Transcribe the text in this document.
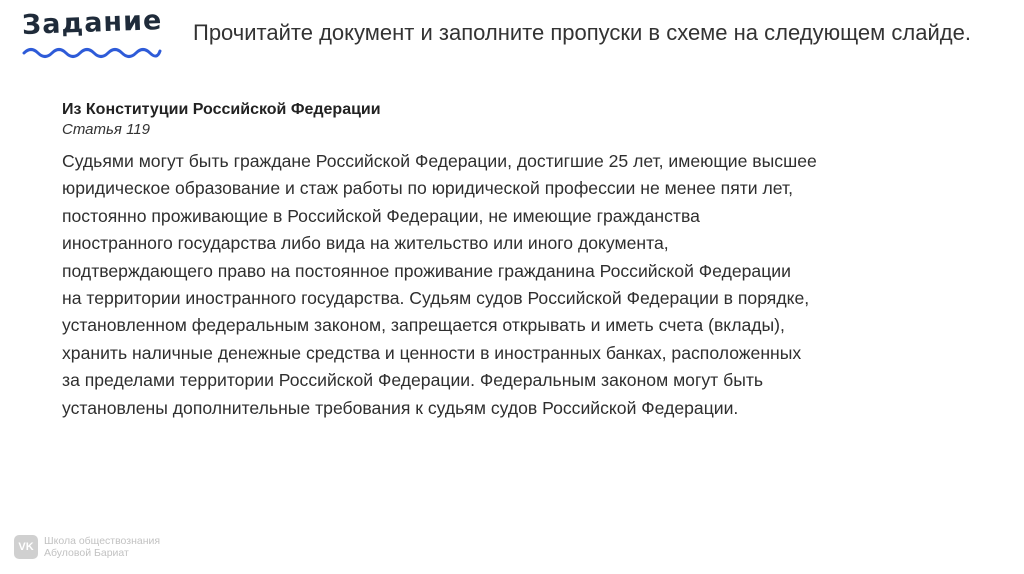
Задание	Прочитайте документ и заполните пропуски в схеме на следующем слайде.
Из Конституции Российской Федерации
Статья 119
Судьями могут быть граждане Российской Федерации, достигшие 25 лет, имеющие высшее
юридическое образование и стаж работы по юридической профессии не менее пяти лет,
постоянно проживающие в Российской Федерации, не имеющие гражданства
иностранного государства либо вида на жительство или иного документа,
подтверждающего право на постоянное проживание гражданина Российской Федерации
на территории иностранного государства. Судьям судов Российской Федерации в порядке,
установленном федеральным законом, запрещается открывать и иметь счета (вклады),
хранить наличные денежные средства и ценности в иностранных банках, расположенных
за пределами территории Российской Федерации. Федеральным законом могут быть
установлены дополнительные требования к судьям судов Российской Федерации.
VK Школа обществознания
Абуловой Бариат
